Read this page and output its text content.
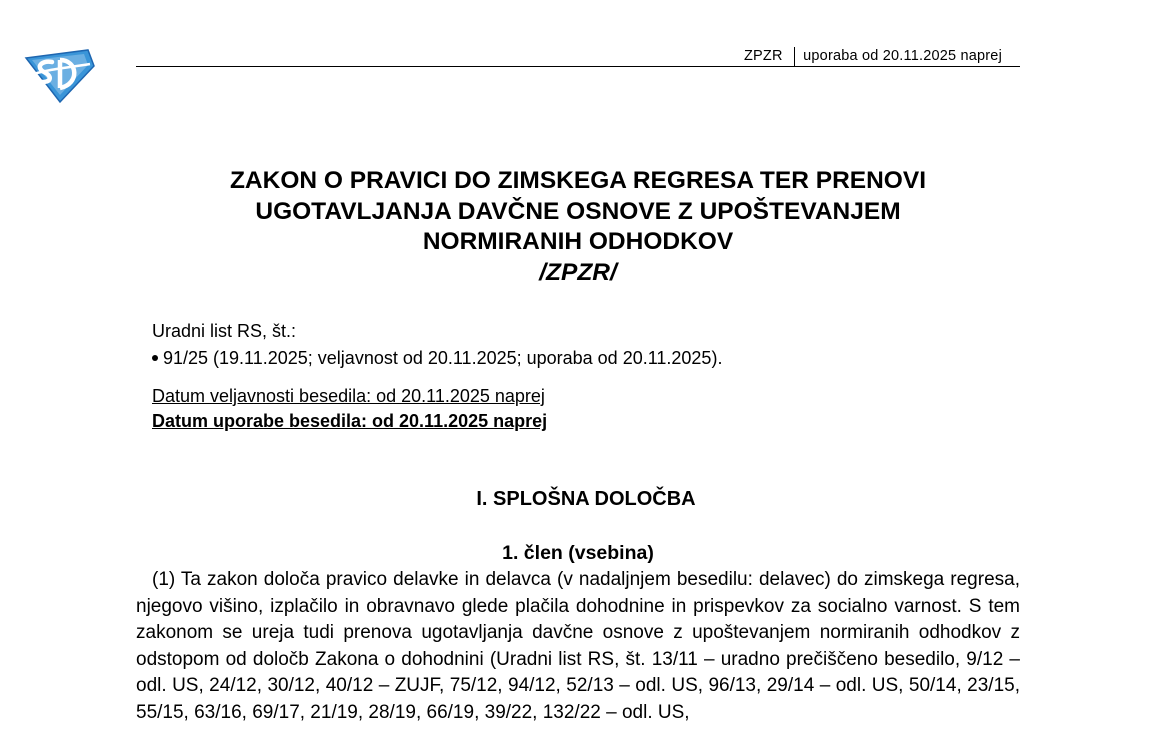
ZPZR uporaba od 20.11.2025 naprej
ZAKON O PRAVICI DO ZIMSKEGA REGRESA TER PRENOVI
UGOTAVLJANJA DAVČNE OSNOVE Z UPOŠTEVANJEM
NORMIRANIH ODHODKOV
/ZPZR/
Uradni list RS, št.:
91/25 (19.11.2025; veljavnost od 20.11.2025; uporaba od 20.11.2025).
Datum veljavnosti besedila: od 20.11.2025 naprej
Datum uporabe besedila: od 20.11.2025 naprej
I. SPLOŠNA DOLOČBA
1. člen (vsebina)

(1) Ta zakon določa pravico delavke in delavca (v nadaljnjem besedilu: delavec) do zimskega regresa, njegovo višino, izplačilo in obravnavo glede plačila dohodnine in prispevkov za socialno varnost. S tem zakonom se ureja tudi prenova ugotavljanja davčne osnove z upoštevanjem normiranih odhodkov z odstopom od določb Zakona o dohodnini (Uradni list RS, št. 13/11 – uradno prečiščeno besedilo, 9/12 – odl. US, 24/12, 30/12, 40/12 – ZUJF, 75/12, 94/12, 52/13 – odl. US, 96/13, 29/14 – odl. US, 50/14, 23/15, 55/15, 63/16, 69/17, 21/19, 28/19, 66/19, 39/22, 132/22 – odl. US,
